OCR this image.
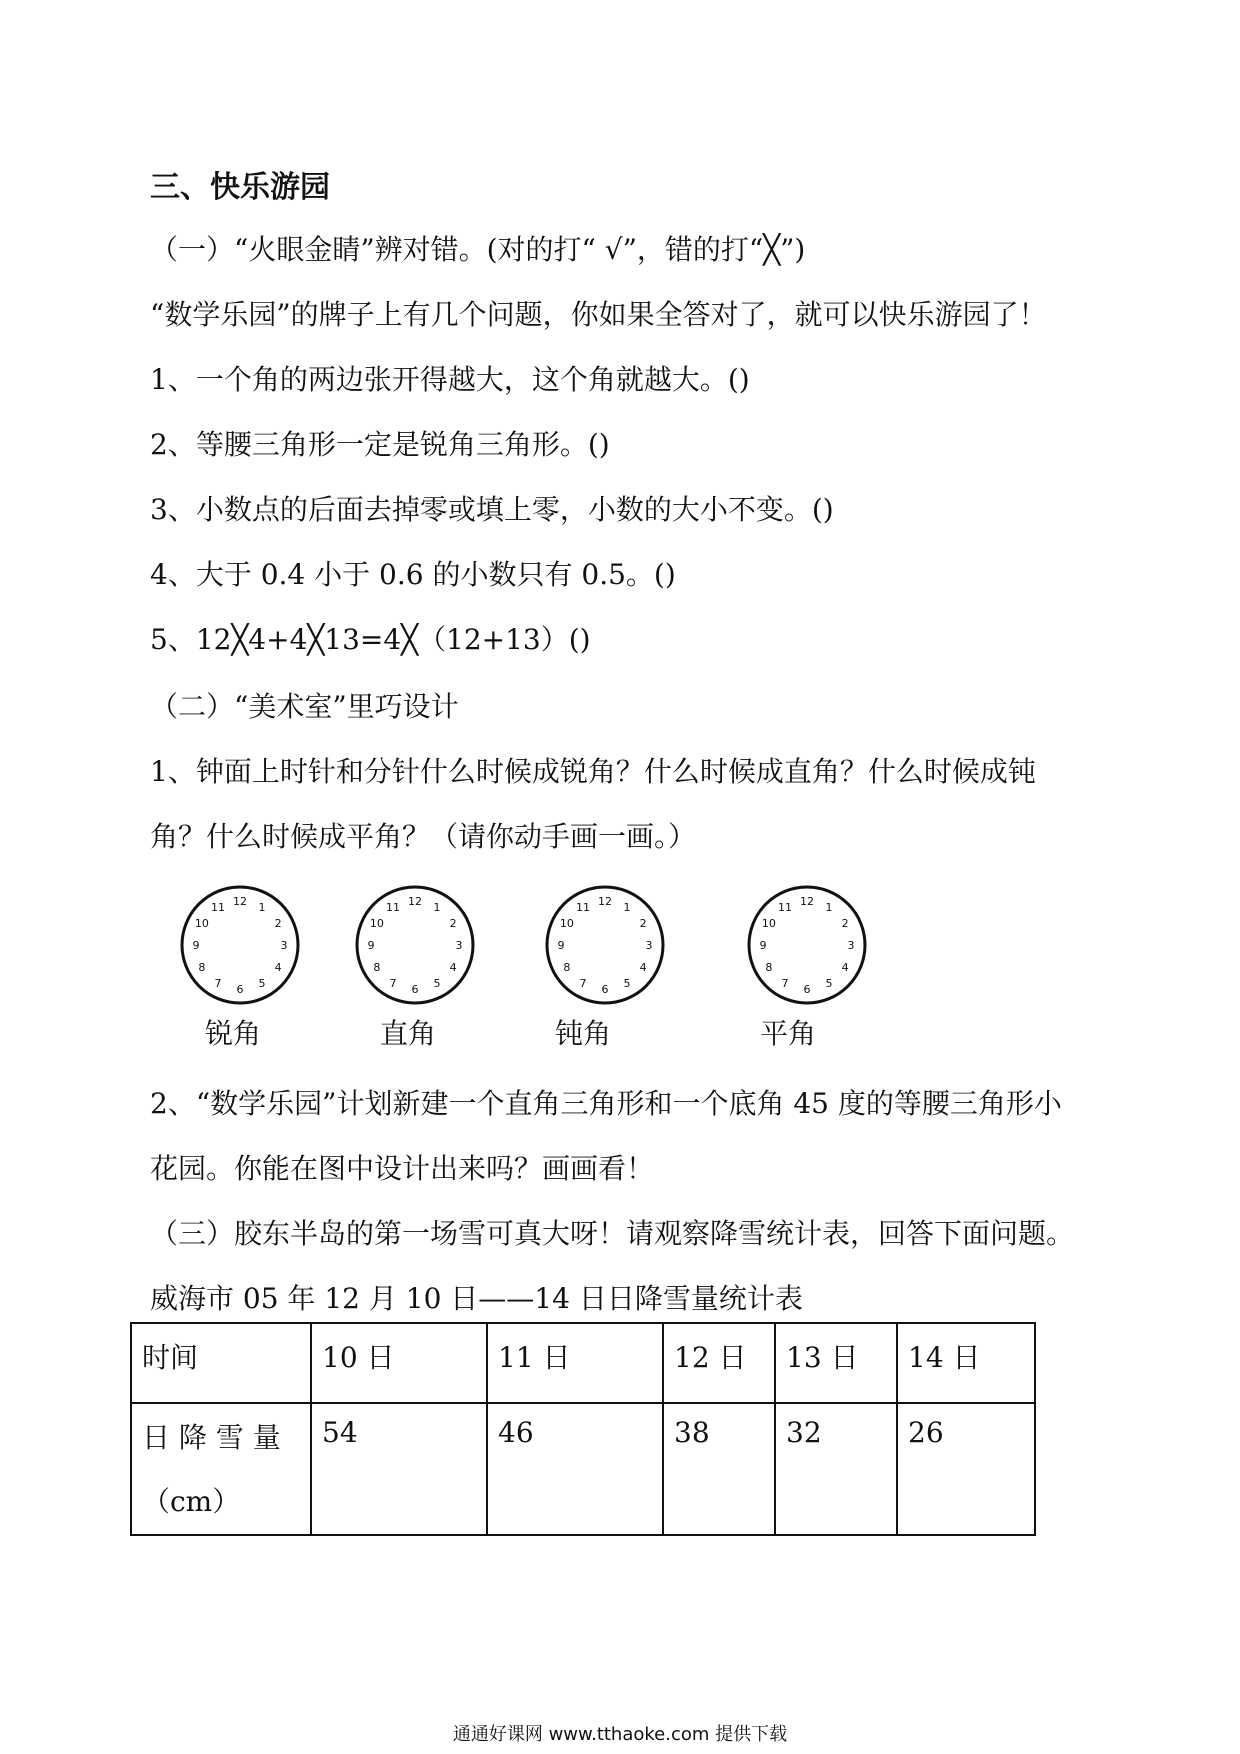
三、快乐游园
（一）“火眼金睛”辨对错。(对的打“ √”，错的打“╳”)
“数学乐园”的牌子上有几个问题，你如果全答对了，就可以快乐游园了！
1、一个角的两边张开得越大，这个角就越大。()
2、等腰三角形一定是锐角三角形。()
3、小数点的后面去掉零或填上零，小数的大小不变。()
4、大于 0.4 小于 0.6 的小数只有 0.5。()
5、12╳4+4╳13=4╳（12+13）()
（二）“美术室”里巧设计
1、钟面上时针和分针什么时候成锐角？什么时候成直角？什么时候成钝
角？什么时候成平角？（请你动手画一画。）
12 1
2
3
4
5
6
7
8
9
10
11	12 1
2
3
4
5
6
7
8
9
10
11	12 1
2
3
4
5
6
7
8
9
10
11	12 1
2
3
4
5
6
7
8
9
10
11
锐角	直角	钝角	平角
2、“数学乐园”计划新建一个直角三角形和一个底角 45 度的等腰三角形小
花园。你能在图中设计出来吗？画画看！
（三）胶东半岛的第一场雪可真大呀！请观察降雪统计表，回答下面问题。
威海市 05 年 12 月 10 日——14 日日降雪量统计表
时间	10 日	11 日	12 日	13 日	14 日

日 降 雪 量
（cm）	54	46	38	32	26
通通好课网 www.tthaoke.com 提供下载
